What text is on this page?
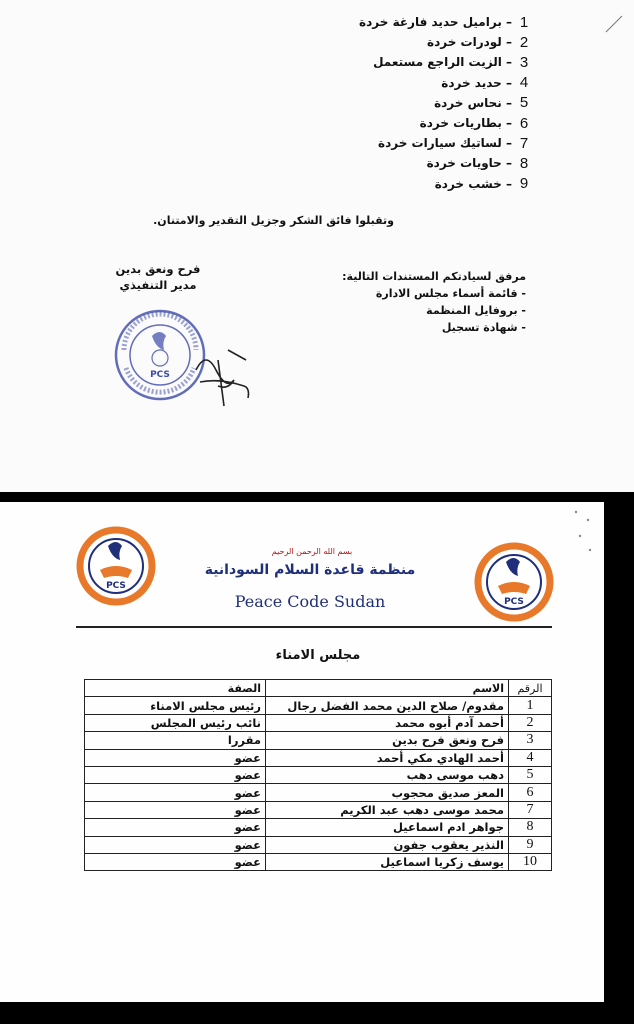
1
– براميل حديد فارغة خردة
2
– لودرات خردة
3
– الزيت الراجع مستعمل
4
– حديد خردة
5
– نحاس خردة
6
– بطاريات خردة
7
– لساتيك سيارات خردة
8
– حاويات خردة
9
– خشب خردة
وتقبلوا فائق الشكر وجزيل التقدير والامتنان.
مرفق لسيادتكم المستندات التالية:
- قائمة أسماء مجلس الادارة
- بروفايل المنظمة
- شهادة تسجيل
فرح ونعق بدين
مدير التنفيذي
PCS
PCS
PCS
بسم الله الرحمن الرحيم
منظمة قاعدة السلام السودانية
Peace Code Sudan
مجلس الامناء
الرقم	الاسم	الصفة
1	مقدوم/ صلاح الدين محمد الفضل رجال	رئيس مجلس الامناء
2	أحمد آدم أبوه محمد	نائب رئيس المجلس
3	فرح ونعق فرح بدين	مقررا
4	أحمد الهادي مكي أحمد	عضو
5	دهب موسى دهب	عضو
6	المعز صديق محجوب	عضو
7	محمد موسى دهب عبد الكريم	عضو
8	جواهر ادم اسماعيل	عضو
9	النذير يعقوب جفون	عضو
10	يوسف زكريا اسماعيل	عضو
